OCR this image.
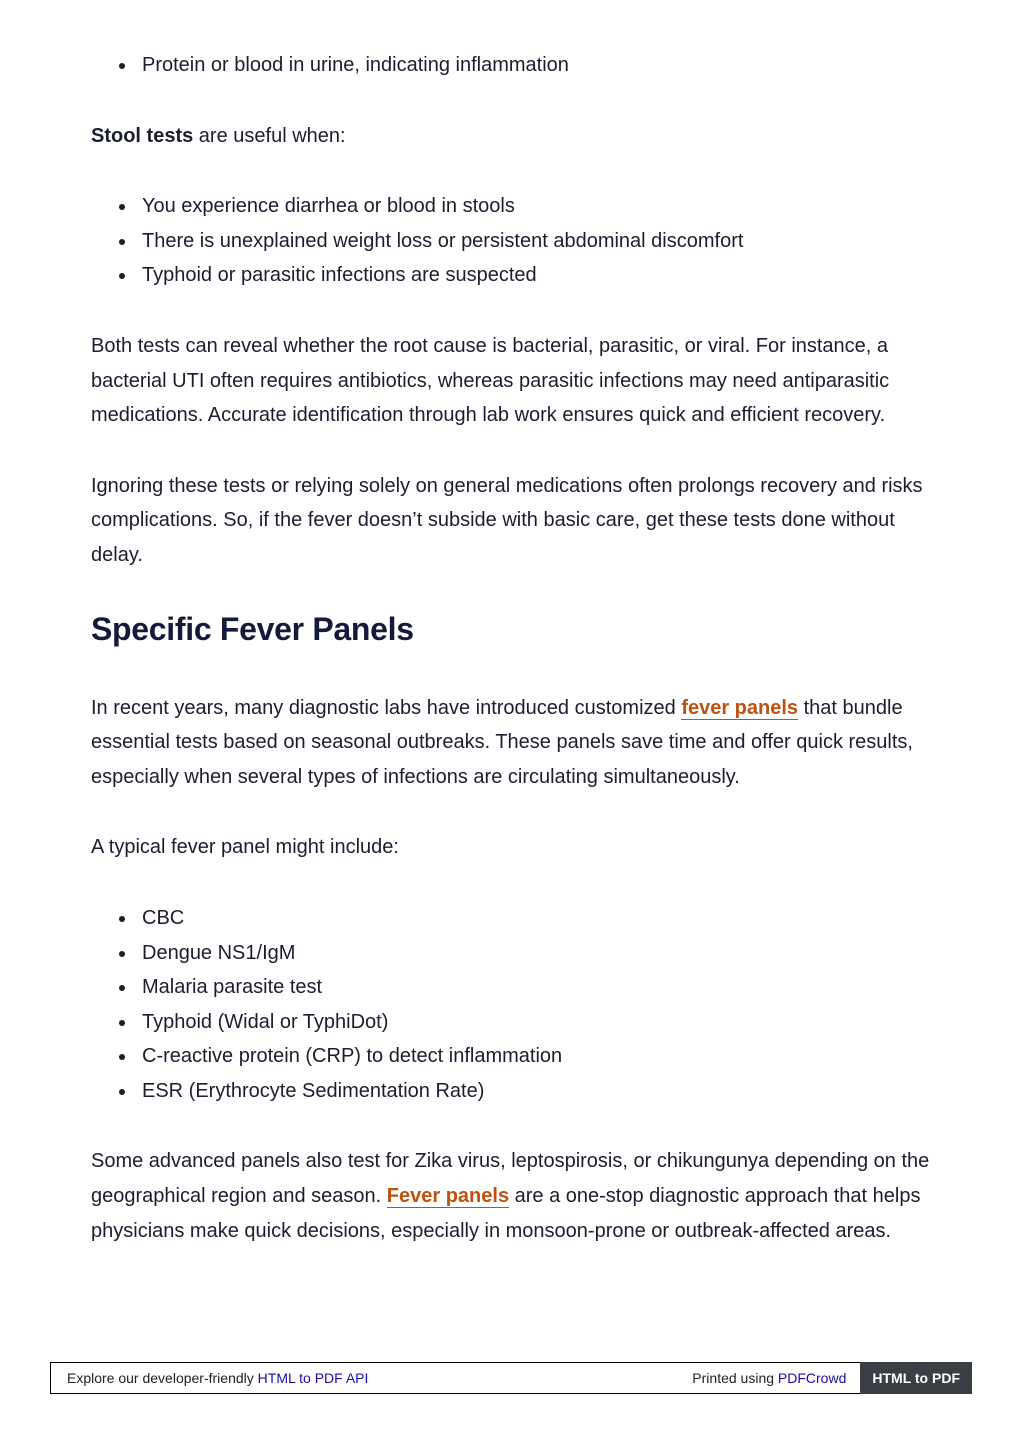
Protein or blood in urine, indicating inflammation

Stool tests are useful when:

You experience diarrhea or blood in stools
There is unexplained weight loss or persistent abdominal discomfort
Typhoid or parasitic infections are suspected

Both tests can reveal whether the root cause is bacterial, parasitic, or viral. For instance, a bacterial UTI often requires antibiotics, whereas parasitic infections may need antiparasitic medications. Accurate identification through lab work ensures quick and efficient recovery.

Ignoring these tests or relying solely on general medications often prolongs recovery and risks complications. So, if the fever doesn’t subside with basic care, get these tests done without delay.

Specific Fever Panels

In recent years, many diagnostic labs have introduced customized fever panels that bundle essential tests based on seasonal outbreaks. These panels save time and offer quick results, especially when several types of infections are circulating simultaneously.

A typical fever panel might include:

CBC
Dengue NS1/IgM
Malaria parasite test
Typhoid (Widal or TyphiDot)
C-reactive protein (CRP) to detect inflammation
ESR (Erythrocyte Sedimentation Rate)

Some advanced panels also test for Zika virus, leptospirosis, or chikungunya depending on the geographical region and season. Fever panels are a one-stop diagnostic approach that helps physicians make quick decisions, especially in monsoon-prone or outbreak-affected areas.

Explore our developer-friendly HTML to PDF API	Printed using PDFCrowd	HTML to PDF
